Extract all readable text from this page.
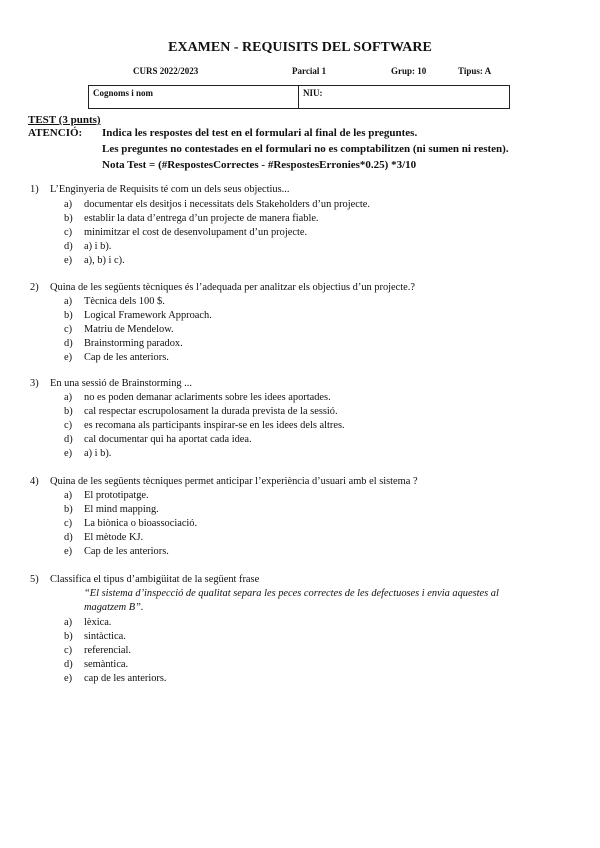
EXAMEN - REQUISITS DEL SOFTWARE
CURS 2022/2023	Parcial 1	Grup: 10	Tipus: A
Cognoms i nom	NIU:
TEST (3 punts)
ATENCIÓ: Indica les respostes del test en el formulari al final de les preguntes.
Les preguntes no contestades en el formulari no es comptabilitzen (ni sumen ni resten).
Nota Test = (#RespostesCorrectes - #RespostesErronies*0.25) *3/10
1) L’Enginyeria de Requisits té com un dels seus objectius...
a) documentar els desitjos i necessitats dels Stakeholders d’un projecte.
b) establir la data d’entrega d’un projecte de manera fiable.
c) minimitzar el cost de desenvolupament d’un projecte.
d) a) i b).
e) a), b) i c).
2) Quina de les següents tècniques és l’adequada per analitzar els objectius d’un projecte.?
a) Tècnica dels 100 $.
b) Logical Framework Approach.
c) Matriu de Mendelow.
d) Brainstorming paradox.
e) Cap de les anteriors.
3) En una sessió de Brainstorming ...
a) no es poden demanar aclariments sobre les idees aportades.
b) cal respectar escrupolosament la durada prevista de la sessió.
c) es recomana als participants inspirar-se en les idees dels altres.
d) cal documentar qui ha aportat cada idea.
e) a) i b).
4) Quina de les següents tècniques permet anticipar l’experiència d’usuari amb el sistema ?
a) El prototipatge.
b) El mind mapping.
c) La biònica o bioassociació.
d) El mètode KJ.
e) Cap de les anteriors.
5) Classifica el tipus d’ambigüitat de la següent frase
“El sistema d’inspecció de qualitat separa les peces correctes de les defectuoses i envia aquestes al
magatzem B”.
a) lèxica.
b) sintàctica.
c) referencial.
d) semàntica.
e) cap de les anteriors.
